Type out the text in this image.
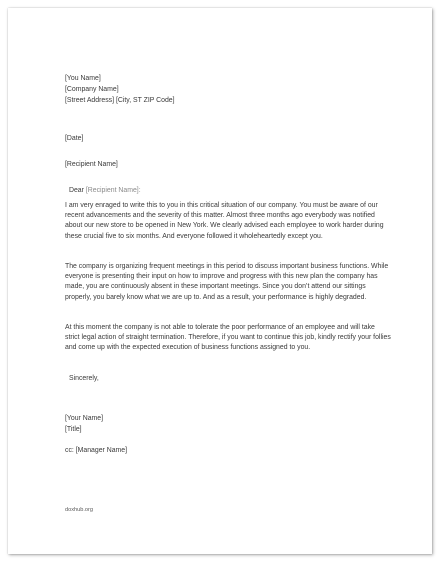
[You Name]

[Company Name]

[Street Address] [City, ST ZIP Code]

[Date]

[Recipient Name]

Dear [Recipient Name]:

I am very enraged to write this to you in this critical situation of our company. You must be aware of our recent advancements and the severity of this matter. Almost three months ago everybody was notified about our new store to be opened in New York. We clearly advised each employee to work harder during these crucial five to six months. And everyone followed it wholeheartedly except you.

The company is organizing frequent meetings in this period to discuss important business functions. While everyone is presenting their input on how to improve and progress with this new plan the company has made, you are continuously absent in these important meetings. Since you don’t attend our sittings properly, you barely know what we are up to. And as a result, your performance is highly degraded.

At this moment the company is not able to tolerate the poor performance of an employee and will take strict legal action of straight termination. Therefore, if you want to continue this job, kindly rectify your follies and come up with the expected execution of business functions assigned to you.

Sincerely,

[Your Name]

[Title]

cc: [Manager Name]

doxhub.org
